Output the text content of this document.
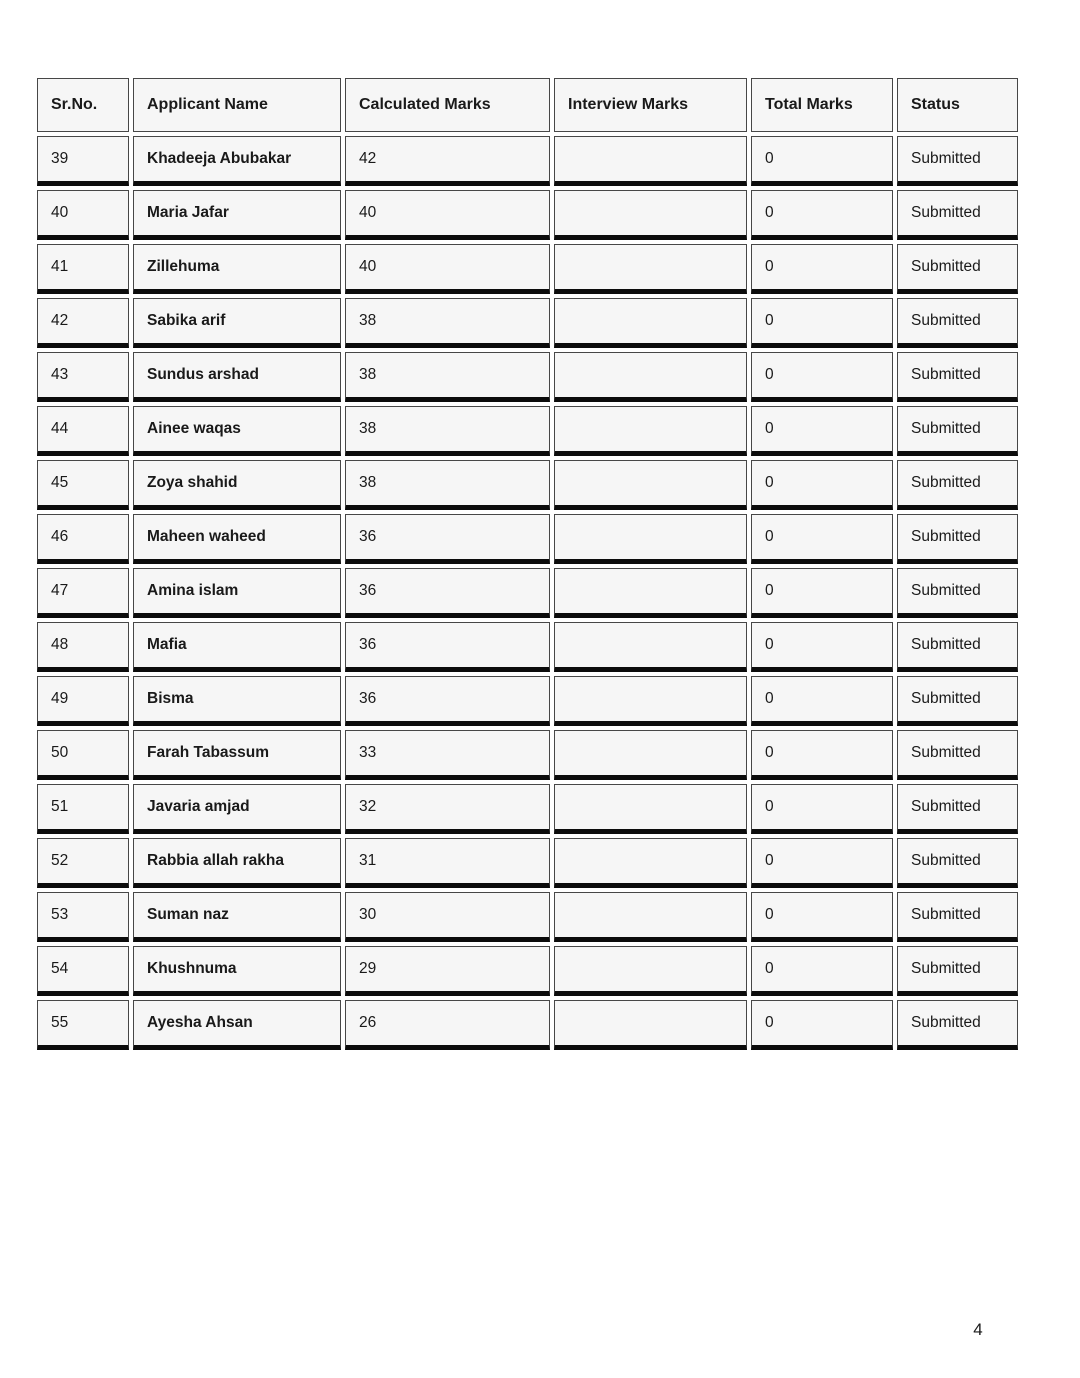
Sr.No.	Applicant Name	Calculated Marks	Interview Marks	Total Marks	Status
39	Khadeeja Abubakar	42		0	Submitted
40	Maria Jafar	40		0	Submitted
41	Zillehuma	40		0	Submitted
42	Sabika arif	38		0	Submitted
43	Sundus arshad	38		0	Submitted
44	Ainee waqas	38		0	Submitted
45	Zoya shahid	38		0	Submitted
46	Maheen waheed	36		0	Submitted
47	Amina islam	36		0	Submitted
48	Mafia	36		0	Submitted
49	Bisma	36		0	Submitted
50	Farah Tabassum	33		0	Submitted
51	Javaria amjad	32		0	Submitted
52	Rabbia allah rakha	31		0	Submitted
53	Suman naz	30		0	Submitted
54	Khushnuma	29		0	Submitted
55	Ayesha Ahsan	26		0	Submitted
4
